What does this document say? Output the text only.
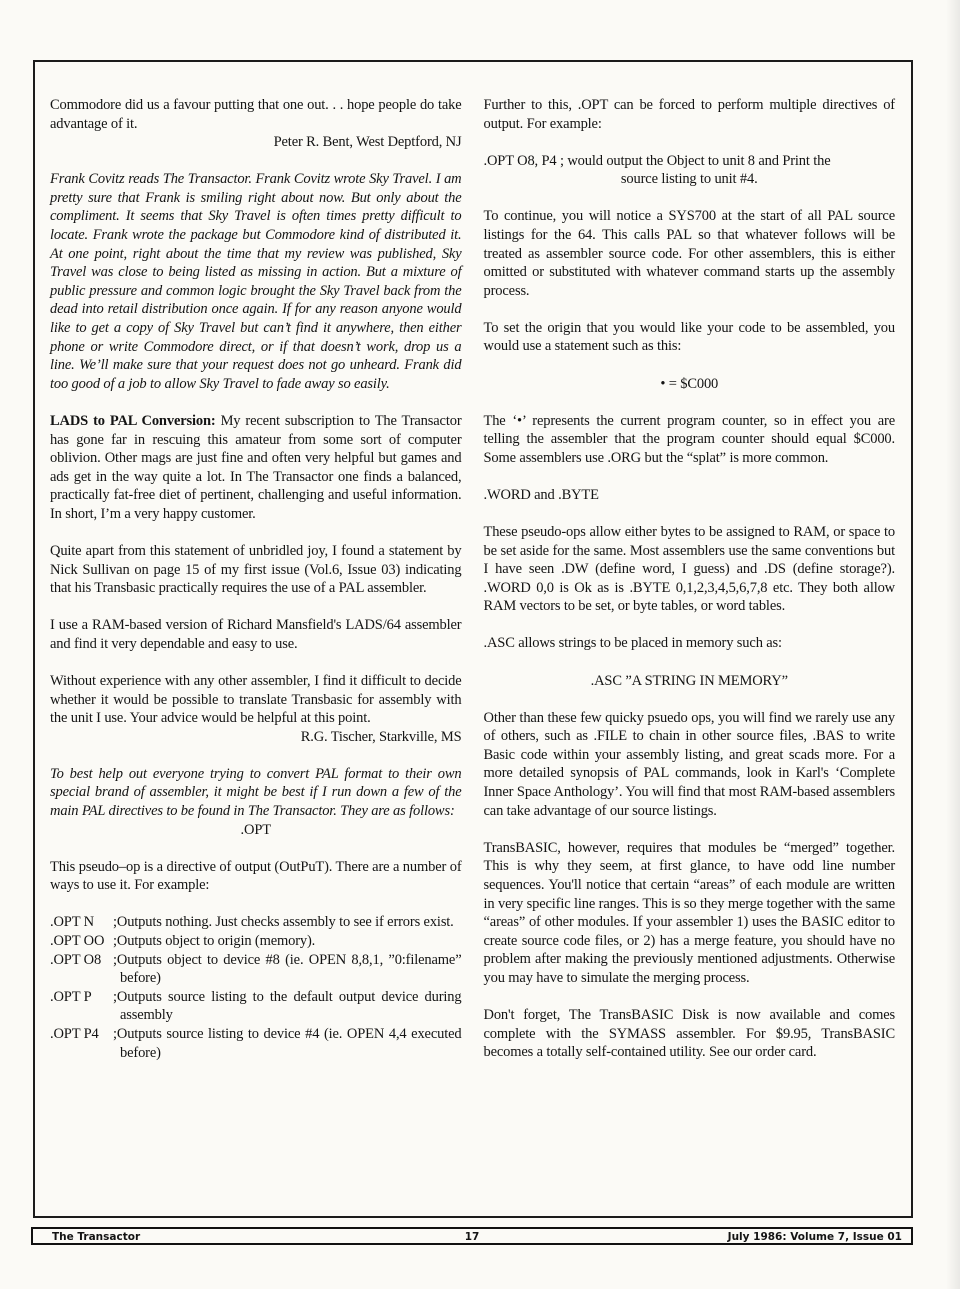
Commodore did us a favour putting that one out. . . hope people do take advantage of it.

Peter R. Bent, West Deptford, NJ

Frank Covitz reads The Transactor. Frank Covitz wrote Sky Travel. I am pretty sure that Frank is smiling right about now. But only about the compliment. It seems that Sky Travel is often times pretty difficult to locate. Frank wrote the package but Commodore kind of distributed it. At one point, right about the time that my review was published, Sky Travel was close to being listed as missing in action. But a mixture of public pressure and common logic brought the Sky Travel back from the dead into retail distribution once again. If for any reason anyone would like to get a copy of Sky Travel but can’t find it anywhere, then either phone or write Commodore direct, or if that doesn’t work, drop us a line. We’ll make sure that your request does not go unheard. Frank did too good of a job to allow Sky Travel to fade away so easily.

LADS to PAL Conversion: My recent subscription to The Transactor has gone far in rescuing this amateur from some sort of computer oblivion. Other mags are just fine and often very helpful but games and ads get in the way quite a lot. In The Transactor one finds a balanced, practically fat-free diet of pertinent, challenging and useful information. In short, I’m a very happy customer.

Quite apart from this statement of unbridled joy, I found a statement by Nick Sullivan on page 15 of my first issue (Vol.6, Issue 03) indicating that his Transbasic practically requires the use of a PAL assembler.

I use a RAM-based version of Richard Mansfield's LADS/64 assembler and find it very dependable and easy to use.

Without experience with any other assembler, I find it difficult to decide whether it would be possible to translate Transbasic for assembly with the unit I use. Your advice would be helpful at this point.

R.G. Tischer, Starkville, MS

To best help out everyone trying to convert PAL format to their own special brand of assembler, it might be best if I run down a few of the main PAL directives to be found in The Transactor. They are as follows:

.OPT

This pseudo–op is a directive of output (OutPuT). There are a number of ways to use it. For example:

.OPT N	;Outputs nothing. Just checks assembly to see if errors exist.
.OPT OO ;Outputs object to origin (memory).
.OPT O8 ;Outputs object to device #8 (ie. OPEN 8,8,1, ”0:filename” before)
.OPT P	;Outputs source listing to the default output device during assembly
.OPT P4 ;Outputs source listing to device #4 (ie. OPEN 4,4 executed before)

Further to this, .OPT can be forced to perform multiple directives of output. For example:

.OPT O8, P4 ; would output the Object to unit 8 and Print the
source listing to unit #4.

To continue, you will notice a SYS700 at the start of all PAL source listings for the 64. This calls PAL so that whatever follows will be treated as assembler source code. For other assemblers, this is either omitted or substituted with whatever command starts up the assembly process.

To set the origin that you would like your code to be assembled, you would use a statement such as this:

• = $C000

The ‘•’ represents the current program counter, so in effect you are telling the assembler that the program counter should equal $C000. Some assemblers use .ORG but the “splat” is more common.

.WORD and .BYTE

These pseudo-ops allow either bytes to be assigned to RAM, or space to be set aside for the same. Most assemblers use the same conventions but I have seen .DW (define word, I guess) and .DS (define storage?). .WORD 0,0 is Ok as is .BYTE 0,1,2,3,4,5,6,7,8 etc. They both allow RAM vectors to be set, or byte tables, or word tables.

.ASC allows strings to be placed in memory such as:

.ASC ”A STRING IN MEMORY”

Other than these few quicky psuedo ops, you will find we rarely use any of others, such as .FILE to chain in other source files, .BAS to write Basic code within your assembly listing, and great scads more. For a more detailed synopsis of PAL commands, look in Karl's ‘Complete Inner Space Anthology’. You will find that most RAM-based assemblers can take advantage of our source listings.

TransBASIC, however, requires that modules be “merged” together. This is why they seem, at first glance, to have odd line number sequences. You'll notice that certain “areas” of each module are written in very specific line ranges. This is so they merge together with the same “areas” of other modules. If your assembler 1) uses the BASIC editor to create source code files, or 2) has a merge feature, you should have no problem after making the previously mentioned adjustments. Otherwise you may have to simulate the merging process.

Don't forget, The TransBASIC Disk is now available and comes complete with the SYMASS assembler. For $9.95, TransBASIC becomes a totally self-contained utility. See our order card.

The Transactor	17	July 1986: Volume 7, Issue 01
